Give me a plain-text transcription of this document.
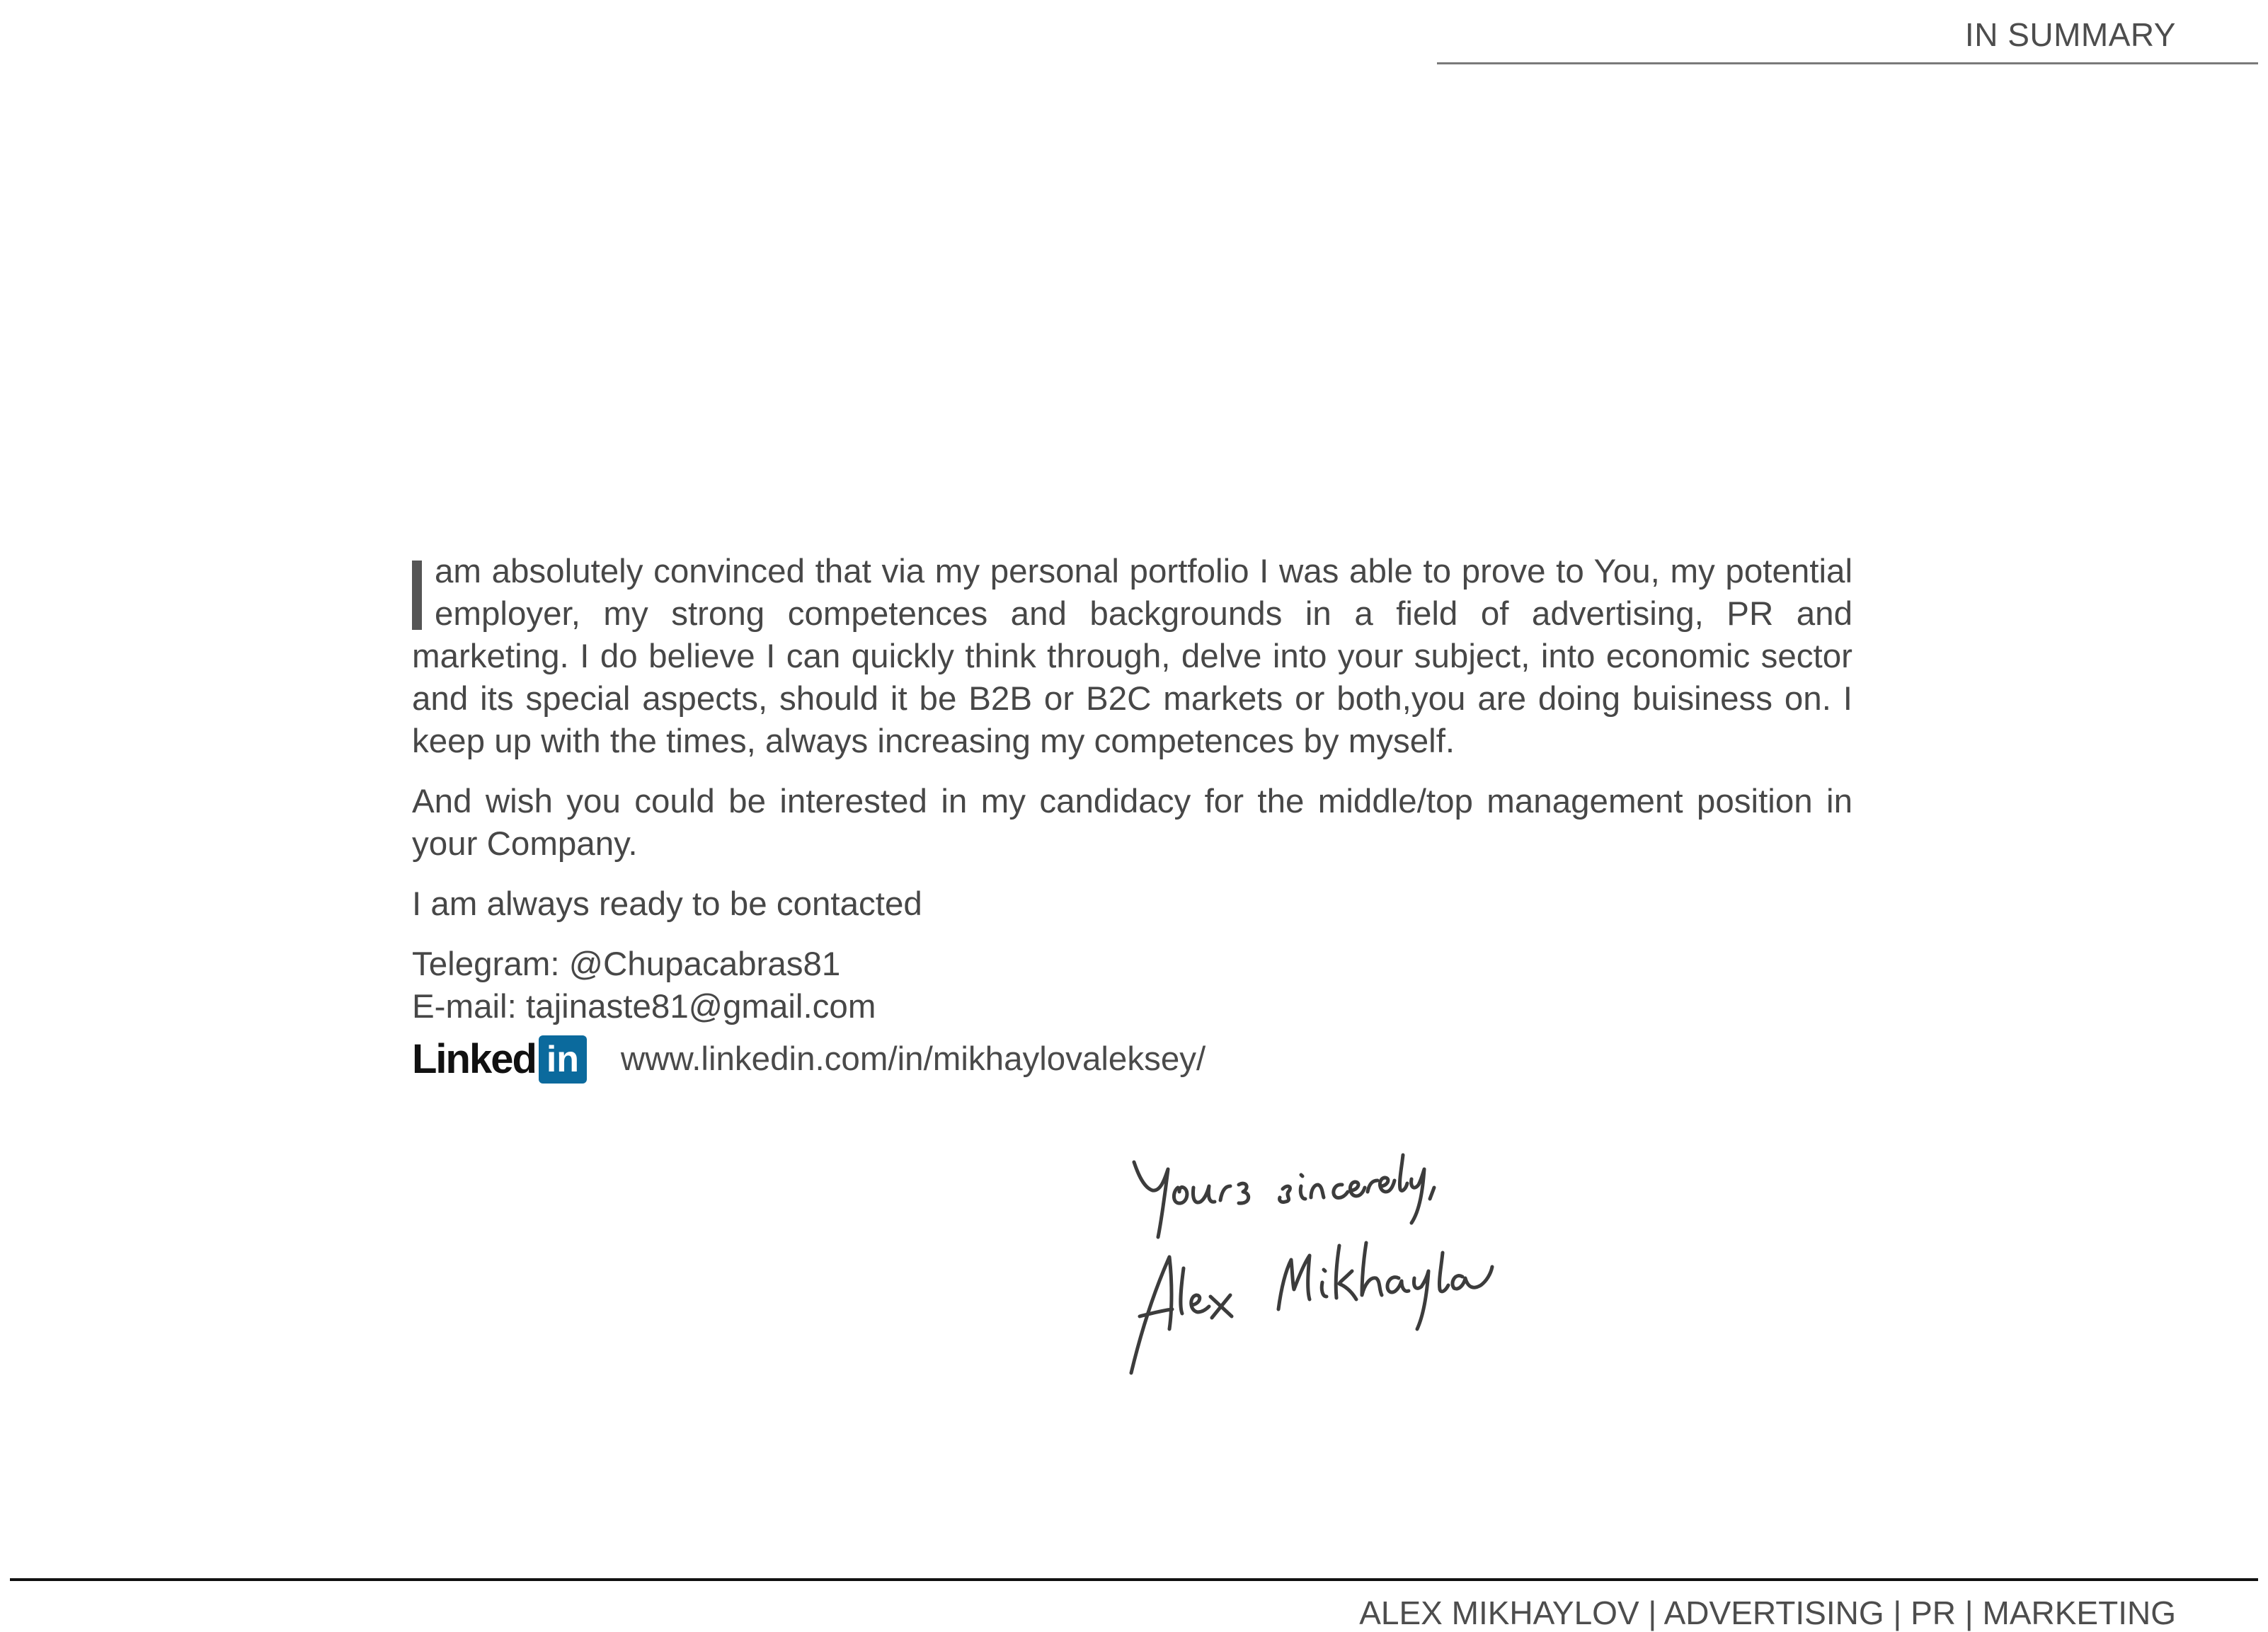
IN SUMMARY

am absolutely convinced that via my personal portfolio I was able to prove to You, my potential employer, my strong competences and backgrounds in a field of advertising, PR and marketing. I do believe I can quickly think through, delve into your subject, into economic sector and its special aspects, should it be B2B or B2C markets or both,you are doing buisiness on. I keep up with the times, always increasing my competences by myself.

And wish you could be interested in my candidacy for the middle/top management position in your Company.

I am always ready to be contacted

Telegram: @Chupacabras81
E-mail: tajinaste81@gmail.com
Linked in www.linkedin.com/in/mikhaylovaleksey/
ALEX MIKHAYLOV | ADVERTISING | PR | MARKETING
